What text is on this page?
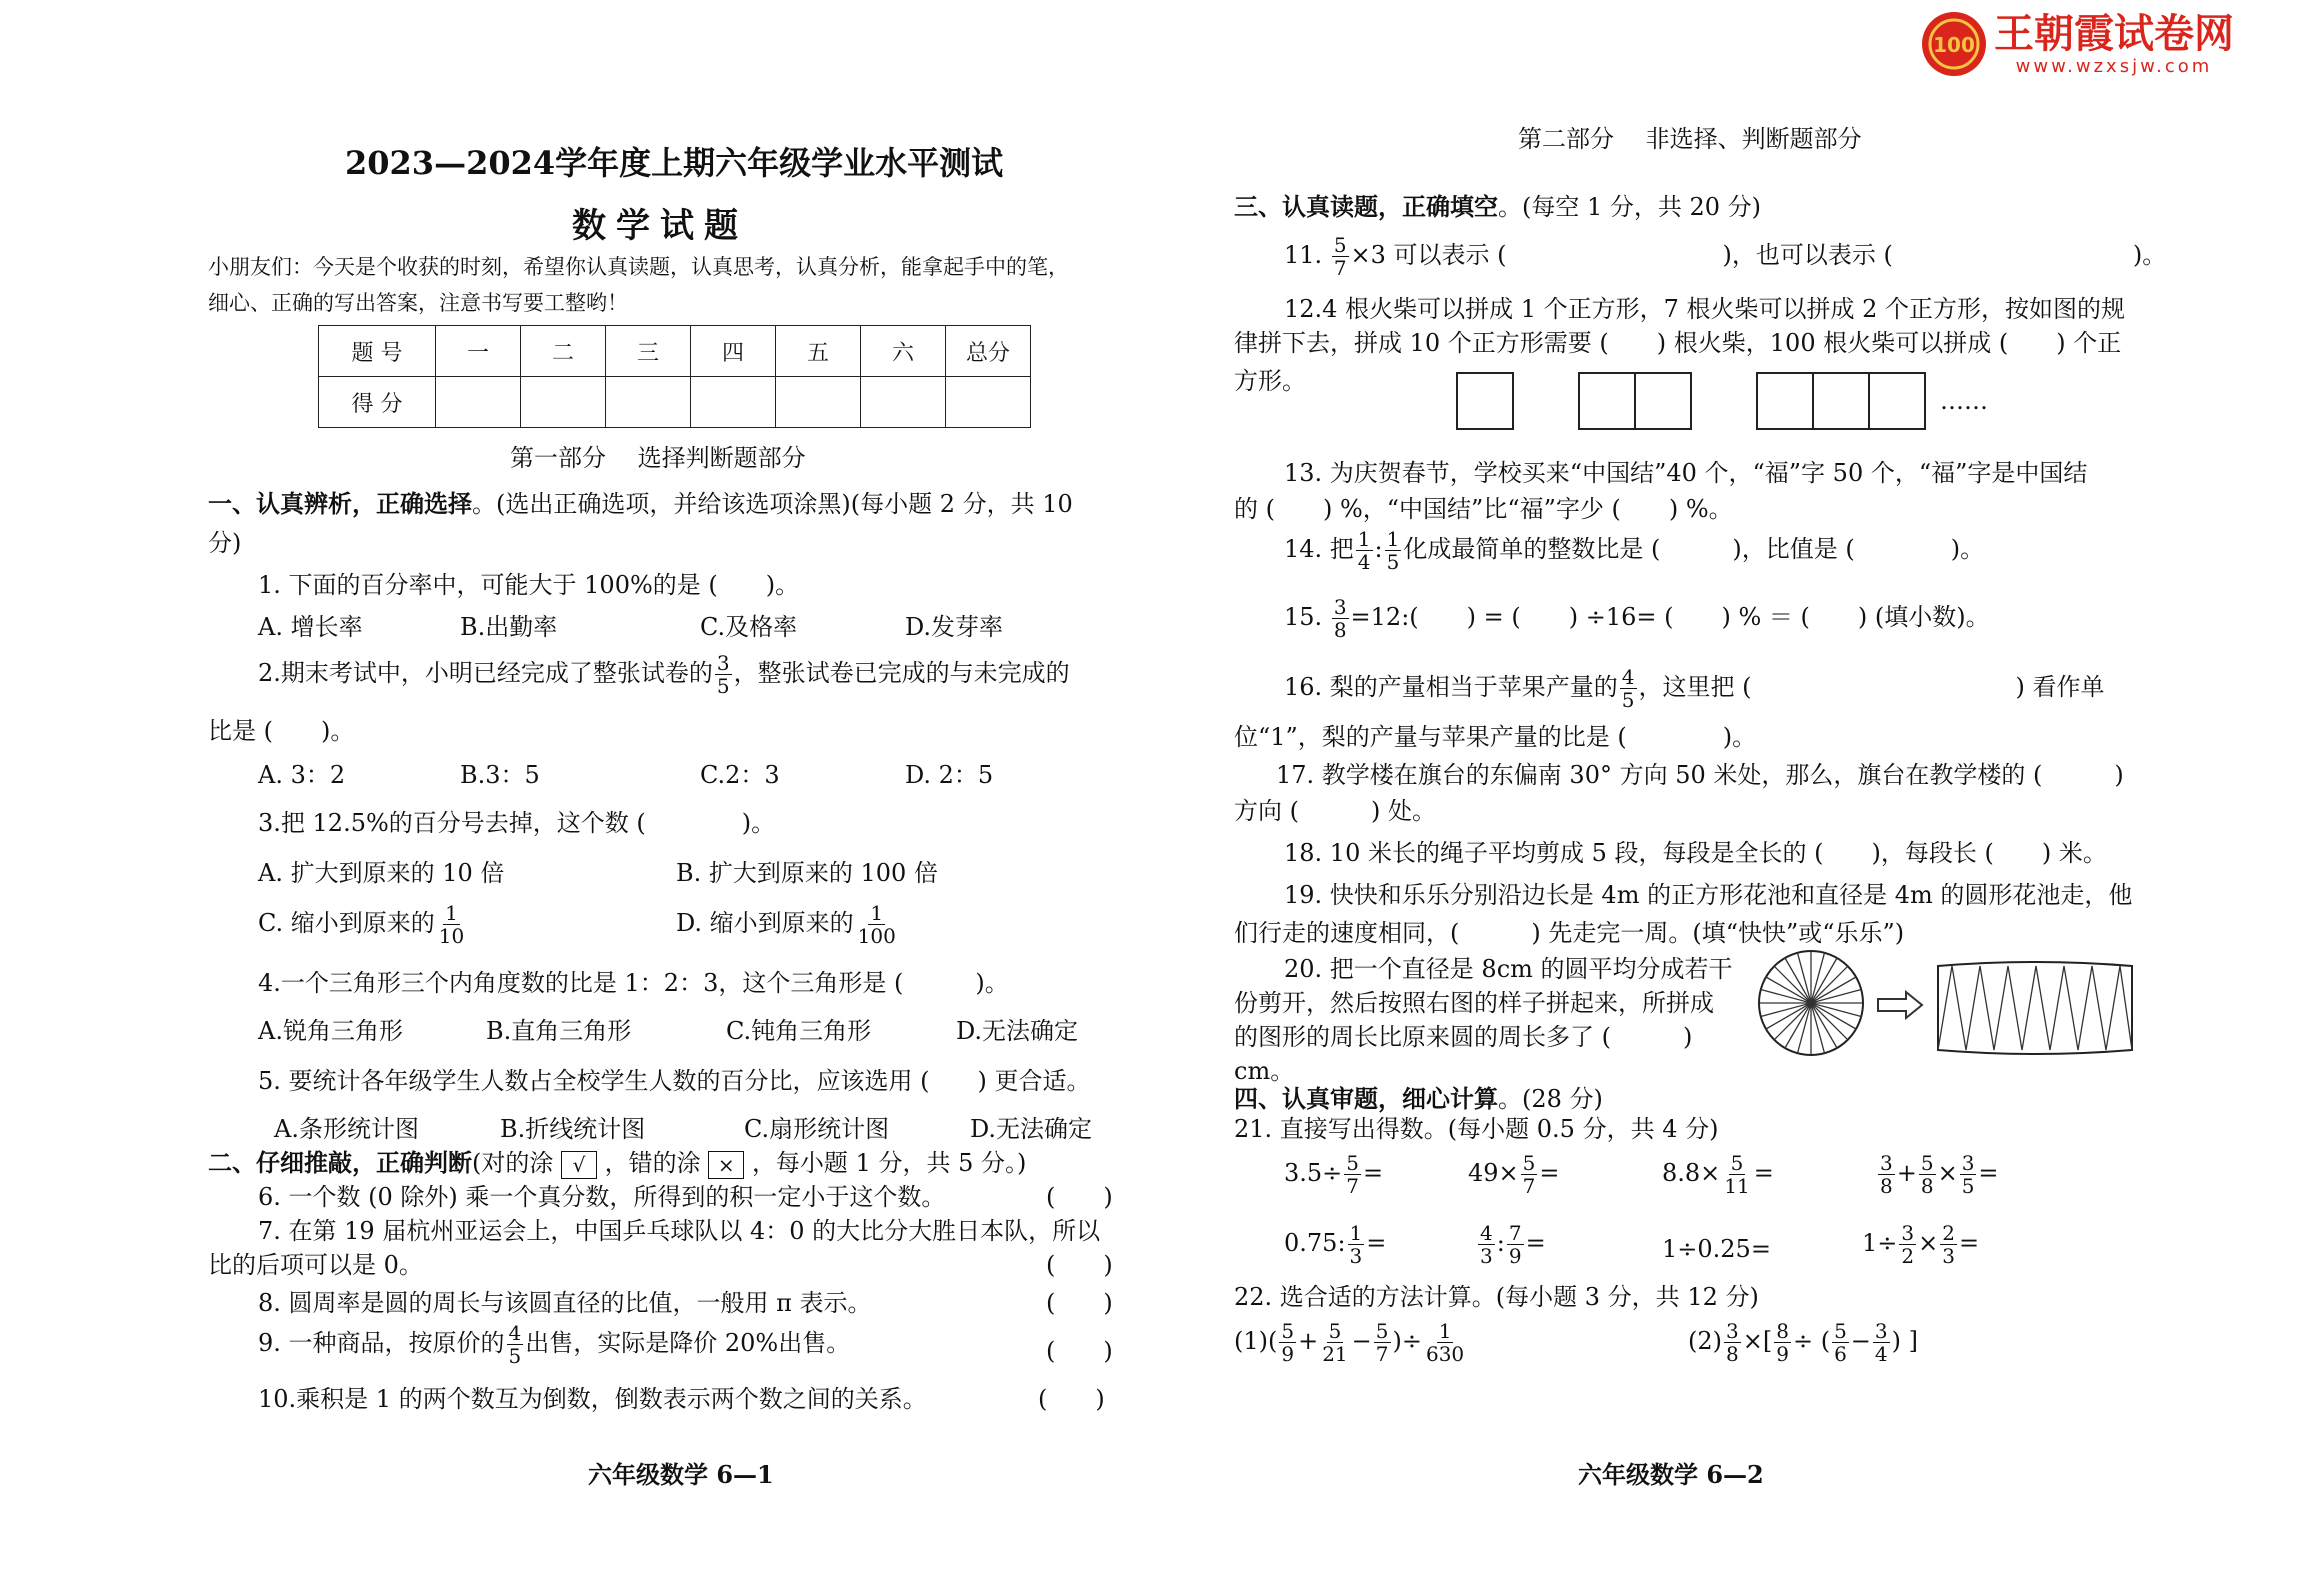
100 王朝霞试卷网
www.wzxsjw.com
2023—2024学年度上期六年级学业水平测试
数学试题
小朋友们：今天是个收获的时刻，希望你认真读题，认真思考，认真分析，能拿起手中的笔，
细心、正确的写出答案，注意书写要工整哟！
题 号	一	二	三	四	五	六	总分
得 分							
第一部分　 选择判断题部分
一、认真辨析，正确选择。(选出正确选项，并给该选项涂黑)(每小题 2 分，共 10
分)
1. 下面的百分率中，可能大于 100%的是 (　　)。
A. 增长率	B.出勤率	C.及格率	D.发芽率
2.期末考试中，小明已经完成了整张试卷的 $\frac{3}{5}$ ，整张试卷已完成的与未完成的
比是 (　　)。
A. 3：2	B.3：5	C.2：3	D. 2：5
3.把 12.5%的百分号去掉，这个数 (　　　　)。
A. 扩大到原来的 10 倍	B. 扩大到原来的 100 倍
C. 缩小到原来的 $\frac{1}{10}$	D. 缩小到原来的 $\frac{1}{100}$
4.一个三角形三个内角度数的比是 1：2：3，这个三角形是 (　　　)。
A.锐角三角形	B.直角三角形	C.钝角三角形	D.无法确定
5. 要统计各年级学生人数占全校学生人数的百分比，应该选用 (　　) 更合适。
A.条形统计图	B.折线统计图	C.扇形统计图	D.无法确定
二、仔细推敲，正确判断(对的涂 √ ，错的涂 × ，每小题 1 分，共 5 分。)
6. 一个数 (0 除外) 乘一个真分数，所得到的积一定小于这个数。	(　　)
7. 在第 19 届杭州亚运会上，中国乒乓球队以 4：0 的大比分大胜日本队，所以
比的后项可以是 0。	(　　)
8. 圆周率是圆的周长与该圆直径的比值，一般用 π 表示。	(　　)
9. 一种商品，按原价的 $\frac{4}{5}$ 出售，实际是降价 20%出售。	(　　)
10.乘积是 1 的两个数互为倒数，倒数表示两个数之间的关系。	(　　)
六年级数学 6—1
第二部分　 非选择、判断题部分
三、认真读题，正确填空。(每空 1 分，共 20 分)
11. $\frac{5}{7} \times 3$ 可以表示 (　　　　　　　　　)，也可以表示 (　　　　　　　　　　)。
12.4 根火柴可以拼成 1 个正方形，7 根火柴可以拼成 2 个正方形，按如图的规
律拼下去，拼成 10 个正方形需要 (　　) 根火柴，100 根火柴可以拼成 (　　) 个正
方形。
……
13. 为庆贺春节，学校买来“中国结”40 个，“福”字 50 个，“福”字是中国结
的 (　　) %，“中国结”比“福”字少 (　　) %。
14. 把 $\frac{1}{4}$ : $\frac{1}{5}$ 化成最简单的整数比是 (　　　)，比值是 (　　　　)。
15. $\frac{3}{8}$ =12:(　　) = (　　) ÷16= (　　) % ＝ (　　) (填小数)。
16. 梨的产量相当于苹果产量的 $\frac{4}{5}$ ，这里把 (　　　　　　　　　　　) 看作单
位“1”，梨的产量与苹果产量的比是 (　　　　)。
17. 教学楼在旗台的东偏南 30° 方向 50 米处，那么，旗台在教学楼的 (　　　)
方向 (　　　) 处。
18. 10 米长的绳子平均剪成 5 段，每段是全长的 (　　)，每段长 (　　) 米。
19. 快快和乐乐分别沿边长是 4m 的正方形花池和直径是 4m 的圆形花池走，他
们行走的速度相同，(　　　) 先走完一周。(填“快快”或“乐乐”)
20. 把一个直径是 8cm 的圆平均分成若干
份剪开，然后按照右图的样子拼起来，所拼成
的图形的周长比原来圆的周长多了 (　　　)
cm。
四、认真审题，细心计算。(28 分)
21. 直接写出得数。(每小题 0.5 分，共 4 分)
$3.5\div \frac{5}{7}$ =	$49\times \frac{5}{7}$ =	$8.8\times \frac{5}{11}$ =	$\frac{3}{8} + \frac{5}{8} \times \frac{3}{5}$ =
0.75: $\frac{1}{3}$ =	$\frac{4}{3}$ : $\frac{7}{9}$ =	1÷0.25=	$1\div \frac{3}{2} \times \frac{2}{3}$ =
22. 选合适的方法计算。(每小题 3 分，共 12 分)
$(1)( \frac{5}{9} + \frac{5}{21} - \frac{5}{7}$ )÷ $\frac{1}{630}$	$(2) \frac{3}{8}$ ×[ $\frac{8}{9}$ ÷ ( $\frac{5}{6} - \frac{3}{4}$ ) ]
六年级数学 6—2
